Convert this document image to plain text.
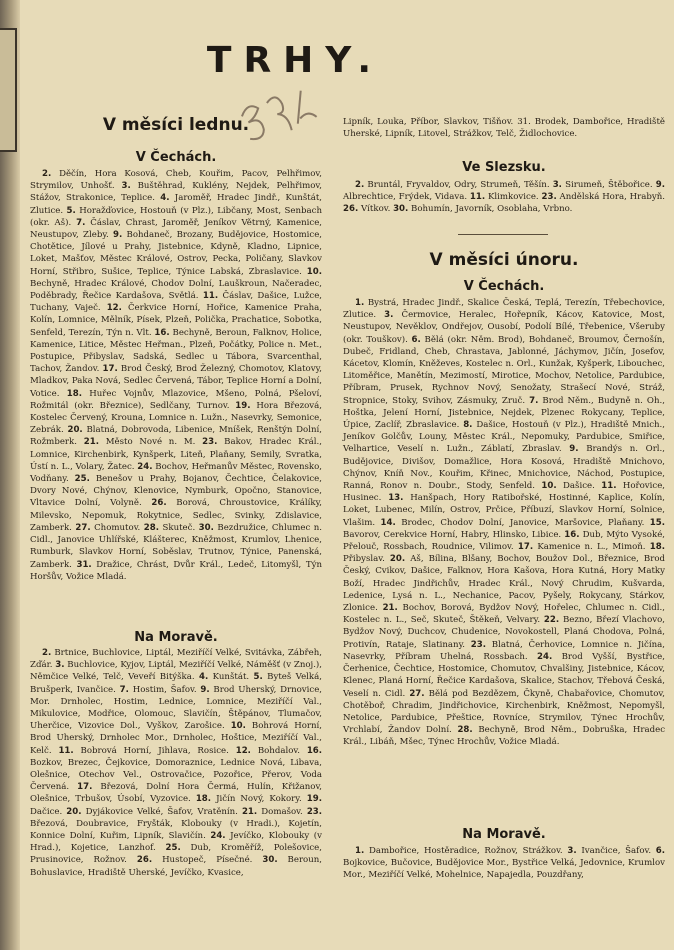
TRHY.
V měsíci lednu.
V Čechách.

2. Děčín, Hora Kosová, Cheb, Kouřim, Pacov, Pelhřimov, Strymilov, Unhošť. 3. Buštěhrad, Kuklény, Nejdek, Pelhřimov, Stážov, Strakonice, Teplice. 4. Jaroměř, Hradec Jindř., Kunštát, Zlutice. 5. Horažďovice, Hostouň (v Plz.), Libčany, Most, Senbach (okr. Aš). 7. Čáslav, Chrast, Jaroměř, Jeníkov Větrný, Kamenice, Neustupov, Zleby. 9. Bohdaneč, Brozany, Budějovice, Hostomice, Chotětice, Jílové u Prahy, Jistebnice, Kdyně, Kladno, Lipnice, Loket, Mašťov, Městec Králové, Ostrov, Pecka, Poličany, Slavkov Horní, Střibro, Sušice, Teplice, Týnice Labská, Zbraslavice. 10. Bechyně, Hradec Králové, Chodov Dolní, Lauškroun, Načeradec, Poděbrady, Řečice Kardašova, Světlá. 11. Čáslav, Dašice, Lužce, Tuchany, Vaječ. 12. Čerkvice Horní, Hořice, Kamenice Praha, Kolín, Lomnice, Mělník, Písek, Plzeň, Polička, Prachatice, Sobotka, Senfeld, Terezín, Týn n. Vlt. 16. Bechyně, Beroun, Falknov, Holice, Kamenice, Litice, Městec Heřman., Plzeň, Počátky, Police n. Met., Postupice, Přibyslav, Sadská, Sedlec u Tábora, Svarcenthal, Tachov, Žandov. 17. Brod Český, Brod Železný, Chomotov, Klatovy, Mladkov, Paka Nová, Sedlec Červená, Tábor, Teplice Horní a Dolní, Votice. 18. Huřec Vojnův, Mlazovice, Mšeno, Polná, Pšeloví, Rožmitál (okr. Březnice), Sedlčany, Turnov. 19. Hora Březová, Kostelec Červený, Krouna, Lomnice n. Lužn., Nasevrky, Semonice, Zebrák. 20. Blatná, Dobrovoda, Libenice, Mníšek, Renštýn Dolní, Rožmberk. 21. Město Nové n. M. 23. Bakov, Hradec Král., Lomnice, Kirchenbirk, Kynšperk, Liteň, Plaňany, Semily, Svratka, Ústí n. L., Volary, Žatec. 24. Bochov, Heřmanův Městec, Rovensko, Vodňany. 25. Benešov u Prahy, Bojanov, Čechtice, Čelakovice, Dvory Nové, Chýnov, Klenovice, Nymburk, Opočno, Stanovice, Vltavice Dolní, Volyně. 26. Borová, Chroustovice, Králíky, Milevsko, Nepomuk, Rokytnice, Sedlec, Svinky, Zdislavice, Zamberk. 27. Chomutov. 28. Skuteč. 30. Bezdružice, Chlumec n. Cidl., Janovice Uhlířské, Klášterec, Kněžmost, Krumlov, Lhenice, Rumburk, Slavkov Horní, Soběslav, Trutnov, Týnice, Panenská, Zamberk. 31. Dražice, Chrást, Dvůr Král., Ledeč, Litomyšl, Týn Horšův, Vožice Mladá.

Na Moravě.

2. Brtnice, Buchlovice, Liptál, Meziříčí Velké, Svitávka, Zábřeh, Zďár. 3. Buchlovice, Kyjov, Liptál, Meziříčí Velké, Náměšť (v Znoj.), Němčice Velké, Telč, Veveří Bitýška. 4. Kunštát. 5. Byteš Velká, Brušperk, Ivančice. 7. Hostim, Šafov. 9. Brod Uherský, Drnovice, Mor. Drnholec, Hostim, Lednice, Lomnice, Meziříčí Val., Mikulovice, Modřice, Olomouc, Slavičín, Štěpánov, Tlumačov, Uherčice, Vizovice Dol., Vyškov, Zarošice. 10. Bohrová Horní, Brod Uherský, Drnholec Mor., Drnholec, Hoštice, Meziříčí Val., Kelč. 11. Bobrová Horní, Jihlava, Rosice. 12. Bohdalov. 16. Bozkov, Brezec, Čejkovice, Domoraznice, Lednice Nová, Libava, Olešnice, Otechov Vel., Ostrovačice, Pozořice, Přerov, Voda Červená. 17. Březová, Dolní Hora Čermá, Hulín, Křižanov, Olešnice, Trbušov, Úsobí, Vyzovice. 18. Jičín Nový, Kokory. 19. Dačice. 20. Dyjákovice Velké, Šafov, Vratěnín. 21. Domašov. 23. Březová, Doubravice, Fryšták, Klobouky (v Hradi.), Kojetín, Konnice Dolní, Kuřim, Lipník, Slavičín. 24. Jevíčko, Klobouky (v Hrad.), Kojetice, Lanzhof. 25. Dub, Kroměříž, Polešovice, Prusinovice, Rožnov. 26. Hustopeč, Písečné. 30. Beroun, Bohuslavice, Hradiště Uherské, Jevíčko, Kvasice,

Lipník, Louka, Příbor, Slavkov, Tišňov. 31. Brodek, Dambořice, Hradiště Uherské, Lipník, Litovel, Strážkov, Telč, Židlochovice.

Ve Slezsku.

2. Bruntál, Fryvaldov, Odry, Strumeň, Těšín. 3. Sirumeň, Štěbořice. 9. Albrechtice, Frýdek, Vidava. 11. Klimkovice. 23. Andělská Hora, Hrabyň. 26. Vítkov. 30. Bohumín, Javorník, Osoblaha, Vrbno.

V měsíci únoru.
V Čechách.

1. Bystrá, Hradec Jindř., Skalice Česká, Teplá, Terezín, Třebechovice, Zlutice. 3. Čermovice, Heralec, Hořepník, Kácov, Katovice, Most, Neustupov, Nevěklov, Ondřejov, Ousobí, Podolí Bílé, Třebenice, Všeruby (okr. Touškov). 6. Bělá (okr. Něm. Brod), Bohdaneč, Broumov, Černošín, Dubeč, Fridland, Cheb, Chrastava, Jablonné, Jáchymov, Jičín, Josefov, Kácetov, Klomín, Kněževes, Kostelec n. Orl., Kunžak, Kyšperk, Libouchec, Litoměřice, Manětín, Mezimostí, Mirotice, Mochov, Netolice, Pardubice, Příbram, Prusek, Rychnov Nový, Senožaty, Strašecí Nové, Stráž, Stropnice, Stoky, Svihov, Zásmuky, Zruč. 7. Brod Něm., Budyně n. Oh., Hoštka, Jelení Horní, Jistebnice, Nejdek, Plzenec Rokycany, Teplice, Úpice, Zaclíř, Zbraslavice. 8. Dašice, Hostouň (v Plz.), Hradiště Mnich., Jeníkov Golčův, Louny, Městec Král., Nepomuky, Pardubice, Smiřice, Velhartice, Veselí n. Lužn., Záblatí, Zbraslav. 9. Brandýs n. Orl., Budějovice, Divišov, Domažlice, Hora Kosová, Hradiště Mnichovo, Chýnov, Kníň Nov., Kouřim, Křinec, Mnichovice, Náchod, Postupice, Ranná, Ronov n. Doubr., Stody, Senfeld. 10. Dašice. 11. Hořovice, Husinec. 13. Hanšpach, Hory Ratibořské, Hostinné, Kaplice, Kolín, Loket, Lubenec, Milín, Ostrov, Prčice, Příbuzí, Slavkov Horní, Solnice, Vlašim. 14. Brodec, Chodov Dolní, Janovice, Maršovice, Plaňany. 15. Bavorov, Cerekvice Horní, Habry, Hlinsko, Libice. 16. Dub, Mýto Vysoké, Přelouč, Rossbach, Roudnice, Vilimov. 17. Kamenice n. L., Mimoň. 18. Přibyslav. 20. Aš, Bílina, Blšany, Bochov, Boužov Dol., Březnice, Brod Český, Cvikov, Dašice, Falknov, Hora Kašova, Hora Kutná, Hory Matky Boží, Hradec Jindřichův, Hradec Král., Nový Chrudim, Kušvarda, Ledenice, Lysá n. L., Nechanice, Pacov, Pyšely, Rokycany, Stárkov, Zlonice. 21. Bochov, Borová, Bydžov Nový, Hořelec, Chlumec n. Cidl., Kostelec n. L., Seč, Skuteč, Štěkeň, Velvary. 22. Bezno, Březí Vlachovo, Bydžov Nový, Duchcov, Chudenice, Novokostell, Planá Chodova, Polná, Protivín, Rataje, Slatinany. 23. Blatná, Čerhovice, Lomnice n. Jičína, Nasevrky, Příbram Uhelná, Rossbach. 24. Brod Vyšší, Bystřice, Čerhenice, Čechtice, Hostomice, Chomutov, Chvalšiny, Jistebnice, Kácov, Klenec, Planá Horní, Řečice Kardašova, Skalice, Stachov, Třebová Česká, Veselí n. Cidl. 27. Bělá pod Bezdězem, Čkyně, Chabařovice, Chomutov, Chotěboř, Chradim, Jindřichovice, Kirchenbirk, Kněžmost, Nepomyšl, Netolice, Pardubice, Přeštice, Rovníce, Strymilov, Týnec Hrochův, Vrchlabí, Žandov Dolní. 28. Bechyně, Brod Něm., Dobruška, Hradec Král., Libáň, Mšec, Týnec Hrochův, Vožice Mladá.

Na Moravě.

1. Dambořice, Hostěradice, Rožnov, Strážkov. 3. Ivančice, Šafov. 6. Bojkovice, Bučovice, Budějovice Mor., Bystřice Velká, Jedovnice, Krumlov Mor., Meziříčí Velké, Mohelnice, Napajedla, Pouzdřany,
